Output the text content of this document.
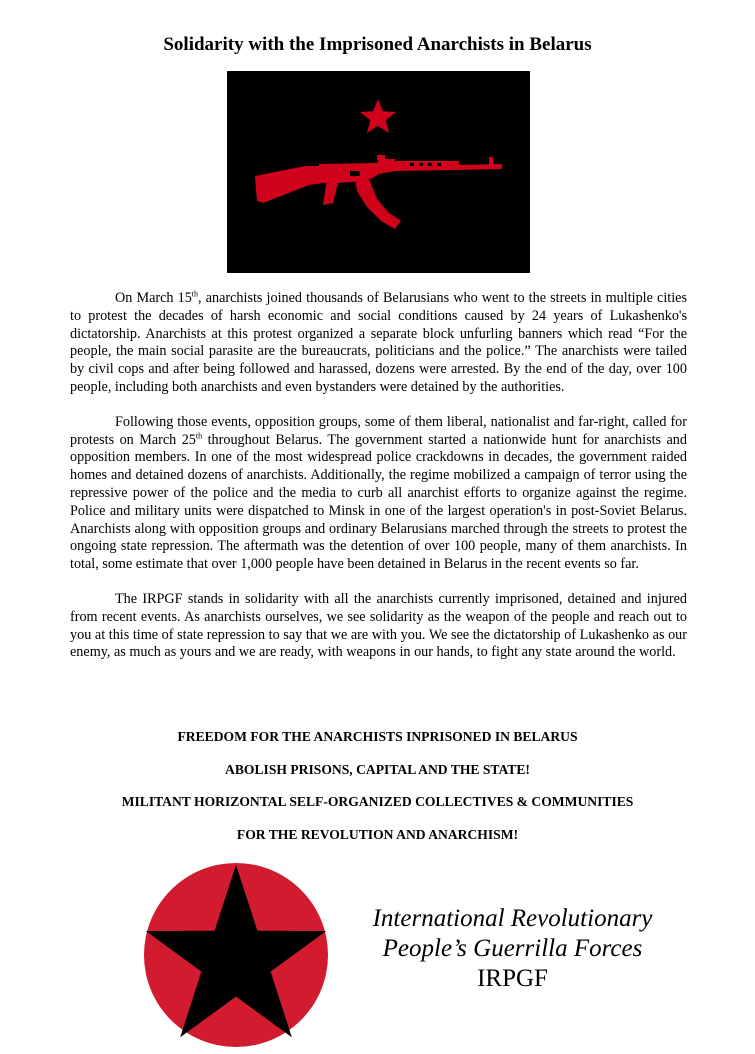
Solidarity with the Imprisoned Anarchists in Belarus

On March 15th, anarchists joined thousands of Belarusians who went to the streets in multiple cities to protest the decades of harsh economic and social conditions caused by 24 years of Lukashenko's dictatorship. Anarchists at this protest organized a separate block unfurling banners which read “For the people, the main social parasite are the bureaucrats, politicians and the police.” The anarchists were tailed by civil cops and after being followed and harassed, dozens were arrested. By the end of the day, over 100 people, including both anarchists and even bystanders were detained by the authorities.

Following those events, opposition groups, some of them liberal, nationalist and far-right, called for protests on March 25th throughout Belarus. The government started a nationwide hunt for anarchists and opposition members. In one of the most widespread police crackdowns in decades, the government raided homes and detained dozens of anarchists. Additionally, the regime mobilized a campaign of terror using the repressive power of the police and the media to curb all anarchist efforts to organize against the regime. Police and military units were dispatched to Minsk in one of the largest operation's in post-Soviet Belarus. Anarchists along with opposition groups and ordinary Belarusians marched through the streets to protest the ongoing state repression. The aftermath was the detention of over 100 people, many of them anarchists. In total, some estimate that over 1,000 people have been detained in Belarus in the recent events so far.

The IRPGF stands in solidarity with all the anarchists currently imprisoned, detained and injured from recent events. As anarchists ourselves, we see solidarity as the weapon of the people and reach out to you at this time of state repression to say that we are with you. We see the dictatorship of Lukashenko as our enemy, as much as yours and we are ready, with weapons in our hands, to fight any state around the world.

FREEDOM FOR THE ANARCHISTS INPRISONED IN BELARUS
ABOLISH PRISONS, CAPITAL AND THE STATE!
MILITANT HORIZONTAL SELF-ORGANIZED COLLECTIVES & COMMUNITIES
FOR THE REVOLUTION AND ANARCHISM!
International Revolutionary
People’s Guerrilla Forces
IRPGF
